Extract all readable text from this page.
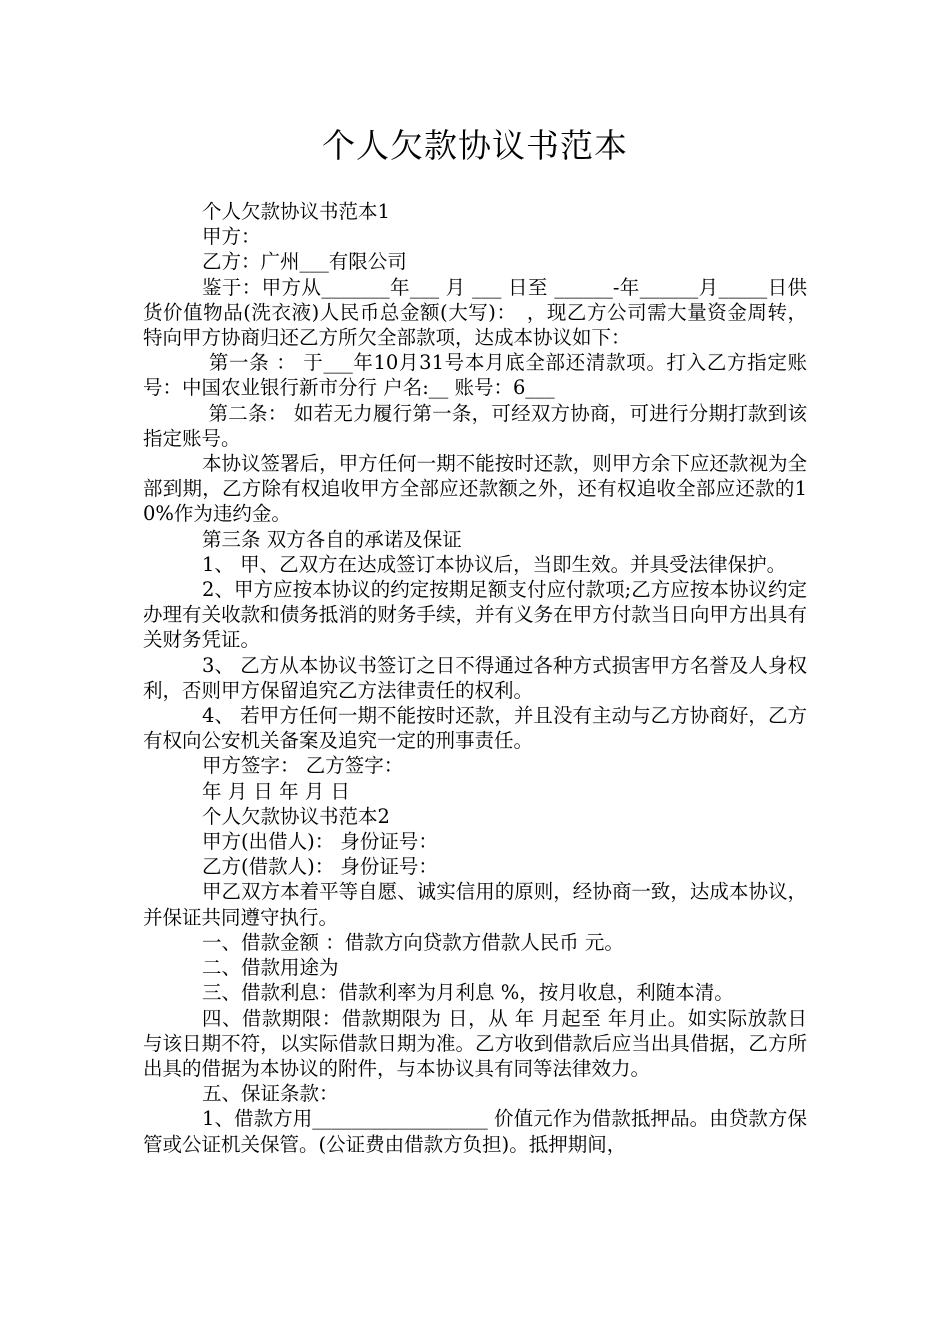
个人欠款协议书范本

个人欠款协议书范本1

甲方：

乙方：广州___有限公司

鉴于：甲方从_______年___ 月 ___ 日至 ______-年______月_____日供货价值物品(洗衣液)人民币总金额(大写)：　，现乙方公司需大量资金周转，特向甲方协商归还乙方所欠全部款项，达成本协议如下：

第一条 ： 于___年10月31号本月底全部还清款项。打入乙方指定账号：中国农业银行新市分行 户名:__ 账号：6___

第二条： 如若无力履行第一条，可经双方协商，可进行分期打款到该指定账号。

本协议签署后，甲方任何一期不能按时还款，则甲方余下应还款视为全部到期，乙方除有权追收甲方全部应还款额之外，还有权追收全部应还款的10%作为违约金。

第三条 双方各自的承诺及保证

1、 甲、乙双方在达成签订本协议后，当即生效。并具受法律保护。

2、甲方应按本协议的约定按期足额支付应付款项;乙方应按本协议约定办理有关收款和债务抵消的财务手续，并有义务在甲方付款当日向甲方出具有关财务凭证。

3、 乙方从本协议书签订之日不得通过各种方式损害甲方名誉及人身权利，否则甲方保留追究乙方法律责任的权利。

4、 若甲方任何一期不能按时还款，并且没有主动与乙方协商好，乙方有权向公安机关备案及追究一定的刑事责任。

甲方签字： 乙方签字：

年 月 日 年 月 日

个人欠款协议书范本2

甲方(出借人)： 身份证号：

乙方(借款人)： 身份证号：

甲乙双方本着平等自愿、诚实信用的原则，经协商一致，达成本协议，并保证共同遵守执行。

一、借款金额 ：借款方向贷款方借款人民币 元。

二、借款用途为

三、借款利息：借款利率为月利息 %，按月收息，利随本清。

四、借款期限：借款期限为 日，从 年 月起至 年月止。如实际放款日与该日期不符，以实际借款日期为准。乙方收到借款后应当出具借据，乙方所出具的借据为本协议的附件，与本协议具有同等法律效力。

五、保证条款：

1、借款方用__________________ 价值元作为借款抵押品。由贷款方保管或公证机关保管。(公证费由借款方负担)。抵押期间，
